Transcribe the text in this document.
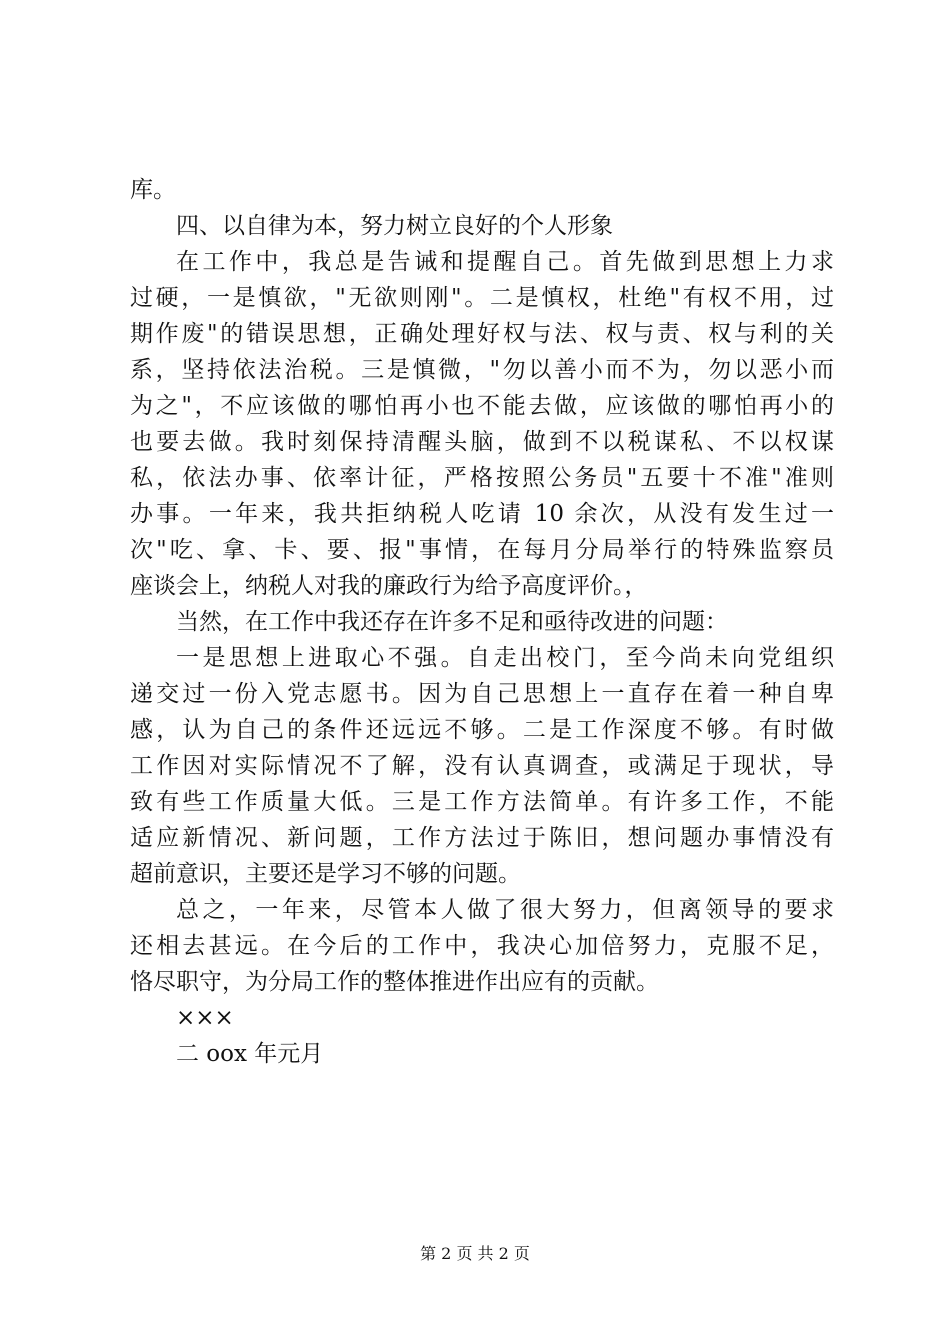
库。
四、以自律为本，努力树立良好的个人形象
在工作中，我总是告诫和提醒自己。首先做到思想上力求
过硬，一是慎欲，"无欲则刚"。二是慎权，杜绝"有权不用，过
期作废"的错误思想，正确处理好权与法、权与责、权与利的关
系，坚持依法治税。三是慎微，"勿以善小而不为，勿以恶小而
为之"，不应该做的哪怕再小也不能去做，应该做的哪怕再小的
也要去做。我时刻保持清醒头脑，做到不以税谋私、不以权谋
私，依法办事、依率计征，严格按照公务员"五要十不准"准则
办事。一年来，我共拒纳税人吃请 10 余次，从没有发生过一
次"吃、拿、卡、要、报"事情，在每月分局举行的特殊监察员
座谈会上，纳税人对我的廉政行为给予高度评价。，
当然，在工作中我还存在许多不足和亟待改进的问题：
一是思想上进取心不强。自走出校门，至今尚未向党组织
递交过一份入党志愿书。因为自己思想上一直存在着一种自卑
感，认为自己的条件还远远不够。二是工作深度不够。有时做
工作因对实际情况不了解，没有认真调查，或满足于现状，导
致有些工作质量大低。三是工作方法简单。有许多工作，不能
适应新情况、新问题，工作方法过于陈旧，想问题办事情没有
超前意识，主要还是学习不够的问题。
总之，一年来，尽管本人做了很大努力，但离领导的要求
还相去甚远。在今后的工作中，我决心加倍努力，克服不足，
恪尽职守，为分局工作的整体推进作出应有的贡献。
×××
二 oox 年元月
第 2 页 共 2 页
